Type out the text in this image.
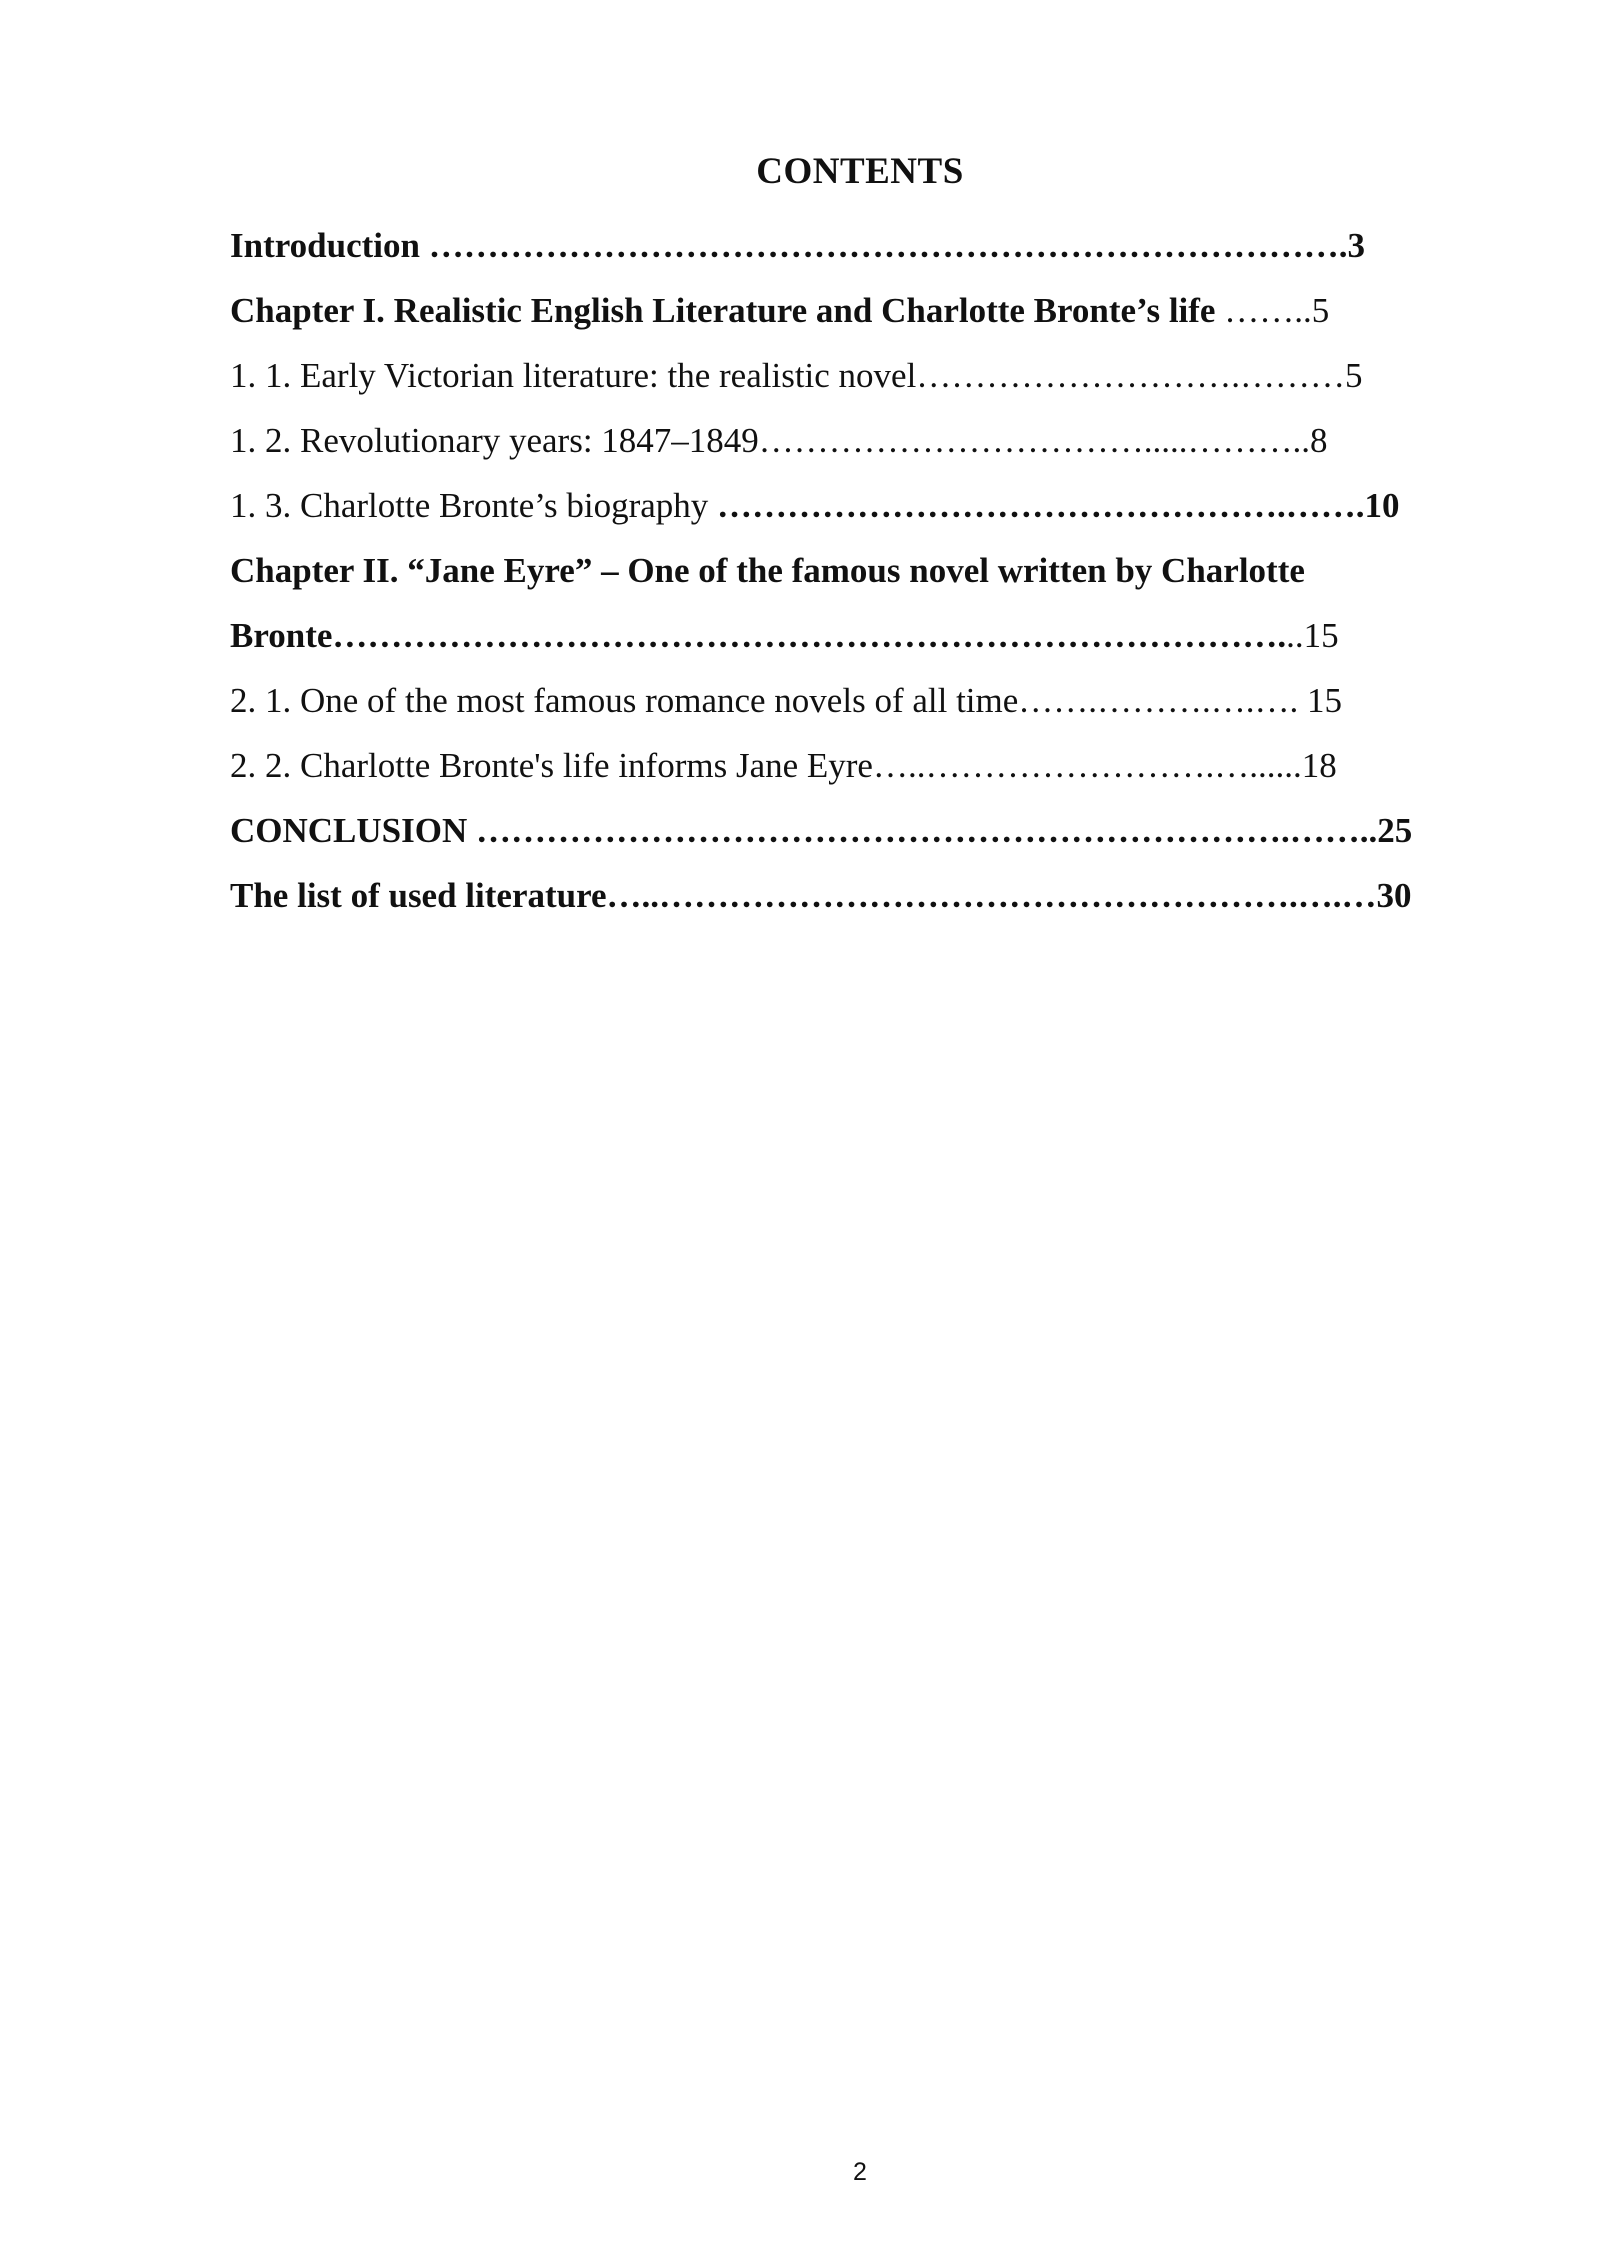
CONTENTS
Introduction …………………………………………………………………….3
Chapter I. Realistic English Literature and Charlotte Bronte’s life ……..5
1. 1. Early Victorian literature: the realistic novel……………………….………5
1. 2. Revolutionary years: 1847–1849…………………………….....………..8
1. 3. Charlotte Bronte’s biography ………………………………………….…….10
Chapter II. “Jane Eyre” – One of the famous novel written by Charlotte
Bronte………………………………………………………………………...15
2. 1. One of the most famous romance novels of all time…….……….….…. 15
2. 2. Charlotte Bronte's life informs Jane Eyre…..…………………….…......18
CONCLUSION …………………………………………………………….……..25
The list of used literature…..……………………………………………….….…30
2
